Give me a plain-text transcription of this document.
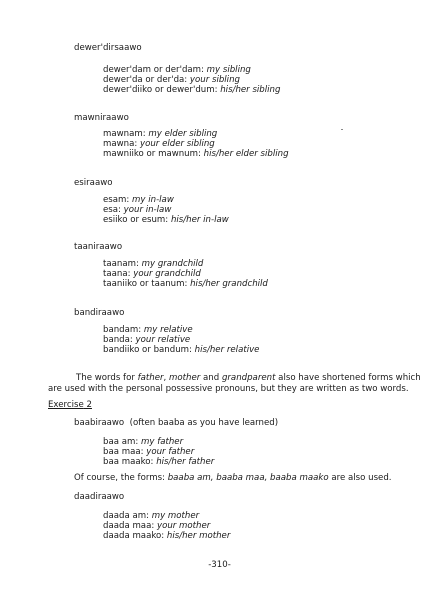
dewer'dirsaawo
dewer'dam or der'dam: my sibling
dewer'da or der'da: your sibling
dewer'diiko or dewer'dum: his/her sibling
mawniraawo
mawnam: my elder sibling
mawna: your elder sibling
mawniiko or mawnum: his/her elder sibling
esiraawo
esam: my in-law
esa: your in-law
esiiko or esum: his/her in-law
taaniraawo
taanam: my grandchild
taana: your grandchild
taaniiko or taanum: his/her grandchild
bandiraawo
bandam: my relative
banda: your relative
bandiiko or bandum: his/her relative
The words for father, mother and grandparent also have shortened forms which
are used with the personal possessive pronouns, but they are written as two words.
Exercise 2
baabiraawo (often baaba as you have learned)
baa am: my father
baa maa: your father
baa maako: his/her father
Of course, the forms: baaba am, baaba maa, baaba maako are also used.
daadiraawo
daada am: my mother
daada maa: your mother
daada maako: his/her mother
-310-
